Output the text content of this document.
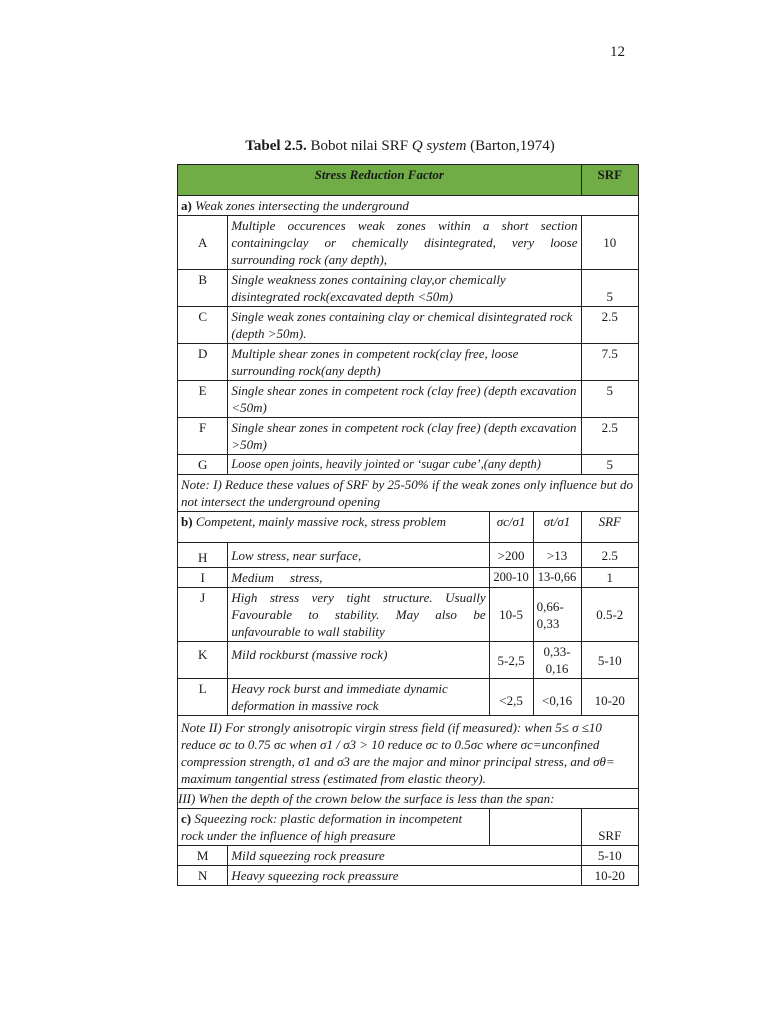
12
Tabel 2.5. Bobot nilai SRF Q system (Barton,1974)
Stress Reduction Factor				SRF
a) Weak zones intersecting the underground				
A	Multiple occurences weak zones within a short section containingclay or chemically disintegrated, very loose surrounding rock (any depth),			10
B	Single weakness zones containing clay,or chemically disintegrated rock(excavated depth <50m)			5
C	Single weak zones containing clay or chemical disintegrated rock (depth >50m).			2.5
D	Multiple shear zones in competent rock(clay free, loose surrounding rock(any depth)			7.5
E	Single shear zones in competent rock (clay free) (depth excavation <50m)			5
F	Single shear zones in competent rock (clay free) (depth excavation >50m)			2.5
G	Loose open joints, heavily jointed or ‘sugar cube’,(any depth)			5
Note: I) Reduce these values of SRF by 25-50% if the weak zones only influence but do not intersect the underground opening				
b) Competent, mainly massive rock, stress problem		σc/σ1	σt/σ1	SRF
H	Low stress, near surface,	>200	>13	2.5
I	Medium     stress,	200-10	13-0,66	1
J	High stress very tight structure. Usually Favourable to stability. May also be unfavourable to wall stability	10-5	0,66-0,33	0.5-2
K	Mild rockburst (massive rock)	5-2,5	0,33-0,16	5-10
L	Heavy rock burst and immediate dynamic deformation in massive rock	<2,5	<0,16	10-20
Note II) For strongly anisotropic virgin stress field (if measured): when 5≤ σ ≤10 reduce σc to 0.75 σc when σ1 / σ3 > 10 reduce σc to 0.5σc where σc=unconfined compression strength, σ1 and σ3 are the major and minor principal stress, and σθ= maximum tangential stress (estimated from elastic theory).				
III) When the depth of the crown below the surface is less than the span:				
c) Squeezing rock: plastic deformation in incompetent rock under the influence of high preasure				SRF
M	Mild squeezing rock preasure			5-10
N	Heavy squeezing rock preassure			10-20
